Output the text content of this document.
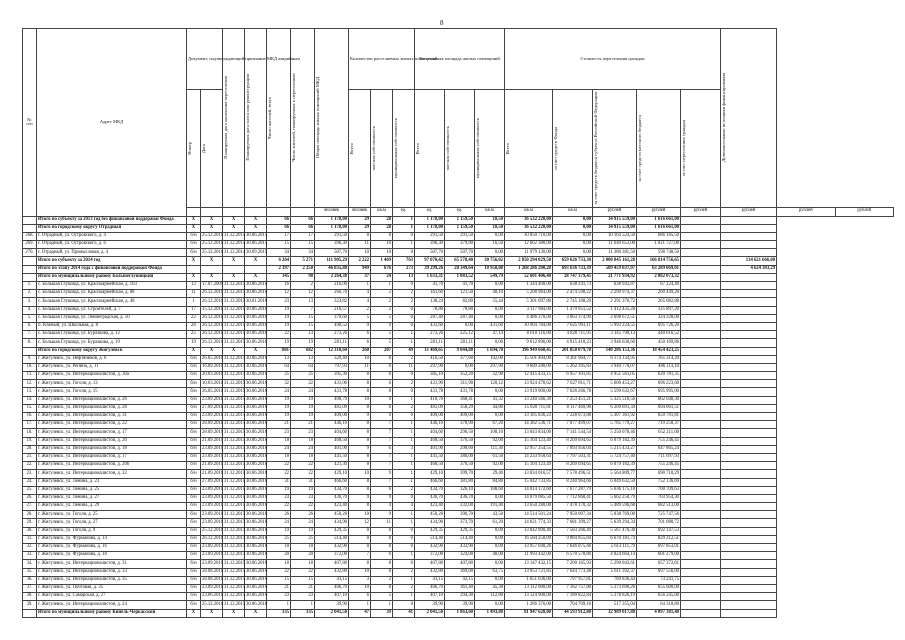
8
№
п/п	Адрес МКД	Документ, подтверждающий признание МКД аварийным		Планируемая дата окончания переселения	Планируемая дата сноса или реконструкции	Число жителей, всего	Число жителей, планируемых к переселению	Общая площадь жилых помещений МКД	Количество расселяемых жилых помещений			Расселяемая площадь жилых помещений			Стоимость переселения граждан					Дополнительные источники финансирования		

		Номер	Дата						Всего	частная собственность	муниципальная собственность	Всего	частная собственность	муниципальная собственность	Всего	за счет средств Фонда	за счет средств бюджета субъекта Российской Федерации	за счет средств местного бюджета	за счет переселения граждан			

								человек	человек	кв.м	ед.	ед.	ед.	кв.м	кв.м	кв.м	рублей	рублей	рублей	рублей	рублей	рублей
	Итого по субъекту за 2013 год без финансовой поддержки Фонда	X	X	X	X	66	66	1 178,00	29	28	1	1 178,00	1 159,50	18,50	36 532 220,00	0,00	34 915 559,00	1 616 661,00				
	Итого по городскому округу Отрадный	X	X	X	X	66	66	1 178,00	29	28	1	1 178,00	1 159,50	18,50	36 532 220,00	0,00	34 915 559,00	1 616 661,00				
268.	г. Отрадный, ул. Островского, д. 4	б/н	25.12.2011	31.12.2014	30.06.2015	17	17	291,50	8	8	0	291,50	291,50	0,00	10 850 710,00	0,00	10 164 524,50	686 185,50				
269.	г. Отрадный, ул. Островского, д. 6	б/н	25.12.2011	31.12.2014	30.06.2015	15	15	396,30	11	10	1	396,30	379,80	16,50	12 662 380,00	0,00	11 640 653,00	1 021 727,00				
270.	г. Отрадный, ул. Промысловая, д. 4	б/н	25.12.2011	31.12.2014	30.09.2015	34	34	507,70	10	10	0	507,70	507,70	0,00	11 979 130,00	0,00	11 380 381,50	598 748,50				
	Итого по субъекту за 2014 год	X	X	X	X	6 264	5 271	111 905,29	2 222	1 469	763	97 070,42	65 578,40	30 756,02	2 850 294 029,50	659 626 733,30	2 000 845 161,28	166 814 756,65		134 621 666,00		
	Итого по этапу 2014 года с финансовой поддержкой Фонда					2 397	2 250	46 835,80	949	676	273	39 299,26	28 349,64	10 950,08	1 268 286 200,28	693 636 733,39	509 459 037,97	63 289 069,01		4 624 383,29		
	Итого по муниципальному району Большеглушицкий	X	X	X	X	145	98	2 264,38	37	24	13	1 633,31	1 083,52	549,79	52 601 406,40	28 747 379,45	21 771 934,92	2 082 073,32				
1.	с. Большая Глушица, ул. Красноармейская, д. 103	13	17.07.2009	31.12.2015	30.06.2016	16	2	216,00	1	1	0	41,70	41,70	0,00	1 344 408,00	638 241,73	638 943,87	67 224,40				
2.	с. Большая Глушица, ул. Красноармейская, д. 88	11	26.12.2011	31.12.2015	30.06.2016	12	12	266,70	4	2	2	161,60	121,50	40,10	5 208 984,00	2 474 598,22	2 299 974,37	260 449,20				
3.	с. Большая Глушица, ул. Красноармейская, д. 48	1	26.12.2011	31.12.2015	30.01.2016	23	13	323,82	4	2	2	138,24	82,80	55,44	5 301 697,80	2 745 168,29	2 291 376,72	265 082,88				
4.	с. Большая Глушица, ул. Строителей, д. 7	17	15.12.2011	31.12.2015	30.06.2016	19	7	216,57	2	2	0	78,80	78,80	0,00	3 117 984,00	1 479 951,52	1 412 435,28	125 897,20				
5.	с. Большая Глушица, ул. Ленинградская, д. 50	22	26.12.2011	31.12.2015	30.06.2016	19	15	370,60	5	5	0	287,40	287,40	0,00	4 486 370,00	3 063 374,99	2 698 672,51	324 328,00				
6.	п. Южный, ул. Школьная, д. 8	26	26.12.2011	31.12.2015	30.06.2016	19	15	498,52	9	9	0	431,60	0,00	431,60	10 904 784,00	7 625 993,11	5 993 224,55	695 726,20				
7.	с. Большая Глушица, ул. Бурлакова, д. 12	25	26.12.2011	31.12.2015	30.06.2016	22	13	273,26	6	5	1	273,26	225,12	47,14	8 610 116,00	4 828 711,95	3 345 798,13	440 616,52				
8.	с. Большая Глушица, ул. Бурлакова, д. 19	19	26.12.2011	31.12.2015	30.06.2016	19	19	281,11	6	5	1	281,11	281,11	0,00	9 612 896,00	4 915 410,23	3 946 630,60	450 169,86				
	Итого по городскому округу Жигулевск	X	X	X	X	801	682	12 310,60	260	207	49	11 469,65	9 044,88	1 694,70	396 949 660,45	201 858 079,78	140 286 153,36	18 454 423,25				
9.	г. Жигулевск, ул. Нефтяников, д. 6	б/н	26.05.2011	31.12.2015	30.06.2016	13	13	329,40	10	8	2	416,50	377,60	102,00	15 501 404,00	8 361 964,77	6 174 134,95	765 314,20				
10.	г. Жигулевск, ул. Репина, д. 11	б/н	16.09.2011	31.12.2015	30.06.2016	64	64	797,93	11	0	11	297,90	0,00	297,90	9 689 280,00	5 262 395,83	3 940 770,07	486 114,10				
11.	г. Жигулевск, ул. Интернационалистов, д. 30а	б/н	20.03.2011	31.12.2015	30.06.2016	25	25	395,30	8	8	0	385,10	352,20	32,90	12 415 433,15	6 957 101,85	4 951 561,05	620 781,35				
12.	г. Жигулевск, ул. Гоголя, д. 13	б/н	10.03.2011	31.12.2015	30.06.2016	32	22	431,06	8	6	2	431,90	311,90	120,12	13 924 478,62	7 627 811,71	5 600 453,27	696 223,68				
13.	г. Жигулевск, ул. Гоголя, д. 15	б/н	26.05.2011	31.12.2015	30.06.2016	24	24	431,78	8	8	0	431,78	431,78	0,00	13 919 900,00	7 626 266,78	5 599 632,67	695 995,00				
14.	г. Жигулевск, ул. Интернационалистов, д. 26	б/н	23.09.2011	31.12.2015	30.06.2016	19	19	408,79	10	9	1	410,70	368,41	41,32	13 240 566,39	7 253 451,21	5 325 516,56	662 048,30				
15.	г. Жигулевск, ул. Интернационалистов, д. 28	б/н	27.09.2011	31.12.2015	30.06.2016	19	19	485,09	8	6	2	485,09	358,29	44,80	15 020 711,81	8 117 469,96	6 209 691,34	694 001,51				
16.	г. Жигулевск, ул. Интернационалистов, д. 31	б/н	23.09.2011	31.12.2015	30.06.2016	19	19	409,00	9	9	0	409,00	409,00	0,00	13 185 836,23	7 228 673,88	5 307 361,92	659 791,81				
17.	г. Жигулевск, ул. Интернационалистов, д. 22	б/н	28.09.2011	31.12.2015	30.06.2016	21	21	446,10	8	7	1	446,10	378,90	67,20	14 382 536,71	7 877 499,07	5 785 779,27	719 258,37				
18.	г. Жигулевск, ул. Интернационалистов, д. 17	б/н	28.09.2011	31.12.2015	30.06.2016	23	23	404,60	8	7	1	404,60	296,50	108,10	13 043 834,00	7 141 544,54	5 250 078,46	652 211,00				
19.	г. Жигулевск, ул. Интернационалистов, д. 20	б/н	21.09.2011	31.12.2015	30.06.2016	18	18	468,50	8	7	1	468,50	376,50	92,00	15 104 123,49	8 269 694,65	6 079 182,39	755 246,45				
20.	г. Жигулевск, ул. Интернационалистов, д. 18	б/н	23.09.2011	31.12.2015	30.06.2016	24	24	401,90	9	6	3	401,90	290,60	111,30	12 957 254,55	7 093 956,04	5 215 433,27	647 865,24				
21.	г. Жигулевск, ул. Интернационалистов, д. 17	б/н	23.09.2011	31.12.2015	30.06.2016	18	18	441,50	8	7	1	441,50	380,00	61,50	14 233 958,64	7 797 503,31	5 724 757,40	711 697,93				
22.	г. Жигулевск, ул. Интернационалистов, д. 20б	б/н	21.09.2011	31.12.2015	30.06.2016	22	22	421,30	8	7	1	468,50	376,50	92,00	15 104 123,49	8 269 694,65	6 079 182,39	755 246,45				
23.	г. Жигулевск, ул. Интернационалистов, д. 22	б/н	21.09.2011	31.12.2015	30.06.2016	22	22	429,10	10	9	1	429,10	399,70	29,40	13 834 016,57	7 578 496,51	5 564 809,77	690 710,29				
24.	г. Жигулевск, ул. Ленина, д. 23	б/н	27.09.2011	31.12.2015	30.06.2016	31	31	466,60	8	7	1	466,60	381,80	84,80	15 042 733,85	8 240 964,66	6 049 632,50	752 136,69				
25.	г. Жигулевск, ул. Ленина, д. 25	б/н	23.09.2011	31.12.2015	30.06.2016	19	19	434,70	8	6	2	434,70	326,10	108,60	14 014 172,60	7 677 287,79	5 636 175,18	700 709,63				
26.	г. Жигулевск, ул. Ленина, д. 27	б/н	23.09.2011	31.12.2015	30.06.2016	23	23	436,70	9	9	0	436,70	436,70	0,00	14 079 085,50	7 712 860,41	5 662 250,79	703 954,30				
27.	г. Жигулевск, ул. Ленина, д. 29	б/н	23.09.2011	31.12.2015	30.06.2016	22	22	423,40	8	4	4	423,40	232,00	191,40	13 650 280,00	7 478 170,32	5 489 596,68	682 513,00				
28.	г. Жигулевск, ул. Гоголя, д. 25	б/н	23.09.2011	31.12.2015	30.06.2016	26	26	450,20	10	9	1	450,20	390,70	43,50	14 514 501,24	7 950 007,34	5 838 769,00	725 747,56				
29.	г. Жигулевск, ул. Гоголя, д. 27	б/н	23.09.2011	31.12.2015	30.06.2016	24	24	434,90	12	11	1	434,90	373,70	61,20	14 021 774,33	7 681 399,27	5 639 294,34	701 080,72				
30.	г. Жигулевск, ул. Гоголя, д. 9	б/н	25.12.2011	31.12.2015	30.06.2016	19	19	429,35	8	8	0	429,35	429,35	0,00	13 842 890,40	7 583 266,49	5 567 476,38	692 147,53				
31.	г. Жигулевск, ул. Фурманова, д. 14	б/н	26.12.2011	31.12.2015	30.06.2016	25	25	514,40	8	8	0	514,40	514,40	0,00	16 584 250,09	9 084 855,84	6 670 181,74	829 212,51				
32.	г. Жигулевск, ул. Фурманова, д. 16	б/н	23.09.2011	31.12.2015	30.06.2016	18	18	432,90	8	8	0	432,90	432,90	0,00	13 957 040,26	7 646 075,46	5 613 111,79	697 853,01				
33.	г. Жигулевск, ул. Фурманова, д. 18	б/н	23.09.2011	31.12.2015	30.06.2016	20	20	372,00	7	6	1	372,00	324,00	48,00	11 993 442,00	6 570 578,86	4 824 664,14	601 279,00				
34.	г. Жигулевск, ул. Интернационалистов, д. 31	б/н	23.09.2011	31.12.2015	30.06.2016	18	18	407,80	8	8	0	407,80	407,80	0,00	13 147 432,15	7 200 165,93	5 290 043,61	657 372,61				
35.	г. Жигулевск, ул. Интернационалистов, д. 33	б/н	28.08.2011	31.12.2015	30.06.2016	22	22	432,80	10	8	2	432,80	369,00	63,75	13 953 721,85	7 644 773,48	5 611 392,37	697 556,00				
36.	г. Жигулевск, ул. Интернационалистов, д. 35	б/н	28.08.2011	31.12.2015	30.06.2016	15	15	43,15	3	2	1	43,15	43,15	0,00	1 651 036,00	797 957,81	789 836,44	73 241,75				
37.	г. Жигулевск, ул. Почтовая, д. 35	б/н	23.09.2011	31.12.2015	30.06.2016	21	21	406,70	10	8	2	406,70	361,40	45,30	13 112 000,00	7 182 757,80	5 273 690,26	655 600,00				
38.	г. Жигулевск, ул. Самарская, д. 27	б/н	23.06.2011	31.12.2015	30.06.2016	23	23	407,10	6	5	1	407,10	294,30	112,80	13 124 900,00	7 189 822,84	5 278 826,19	656 245,00				
39.	г. Жигулевск, ул. Интернационалистов, д. 24	б/н	25.12.2011	31.12.2015	30.06.2016	1	1	39,90	1	1	0	39,90	39,90	0,00	1 286 376,00	704 709,16	517 355,04	64 318,80				
	Итого по муниципальному району Кинель-Черкасский	X	X	X	X	135	135	2 041,50	47	39	41	2 041,50	1 863,60	1 493,80	81 947 628,00	44 593 912,80	32 989 017,80	4 097 381,40				
